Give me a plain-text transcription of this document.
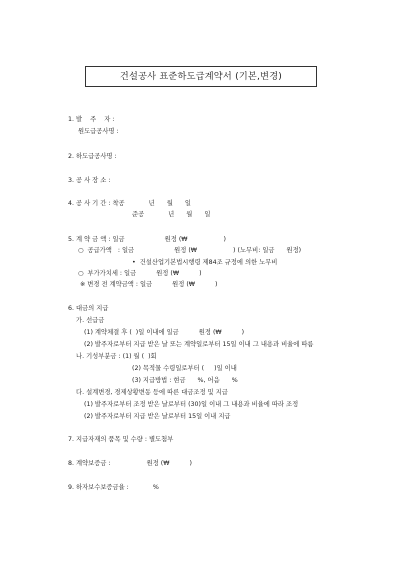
건설공사 표준하도급계약서 (기본,변경)
1. 발    주    자 :
원도급공사명 :
2. 하도급공사명 :
3. 공 사 장 소 :
4. 공 사 기 간 : 착공            년      월      일
준공            년      월      일
5. 계 약 금 액 : 일금                    원정 (₩                  )
○  공급가액   : 일금                    원정 (₩                  ) (노무비: 일금      원정)
•  건설산업기본법시행령 제84조 규정에 의한 노무비
○  부가가치세 : 일금          원정 (₩          )
※ 변경 전 계약금액 : 일금          원정 (₩          )
6. 대금의 지급
가. 선급금
(1) 계약체결 후 (  )일 이내에 일금          원정 (₩          )
(2) 발주자로부터 지급 받은 날 또는 계약일로부터 15일 이내 그 내용과 비율에 따름
나. 기성부분금 : (1) 월 (  )회
(2) 목적물 수령일로부터 (     )일 이내
(3) 지급방법 : 현금      %, 어음      %
다. 설계변경, 경제상황변동 등에 따른 대금조정 및 지급
(1) 발주자로부터 조정 받은 날로부터 (30)일 이내 그 내용과 비율에 따라 조정
(2) 발주자로부터 지급 받은 날로부터 15일 이내 지급
7. 지급자재의 품목 및 수량 : 별도첨부
8. 계약보증금 :                  원정 (₩          )
9. 하자보수보증금율 :            %
